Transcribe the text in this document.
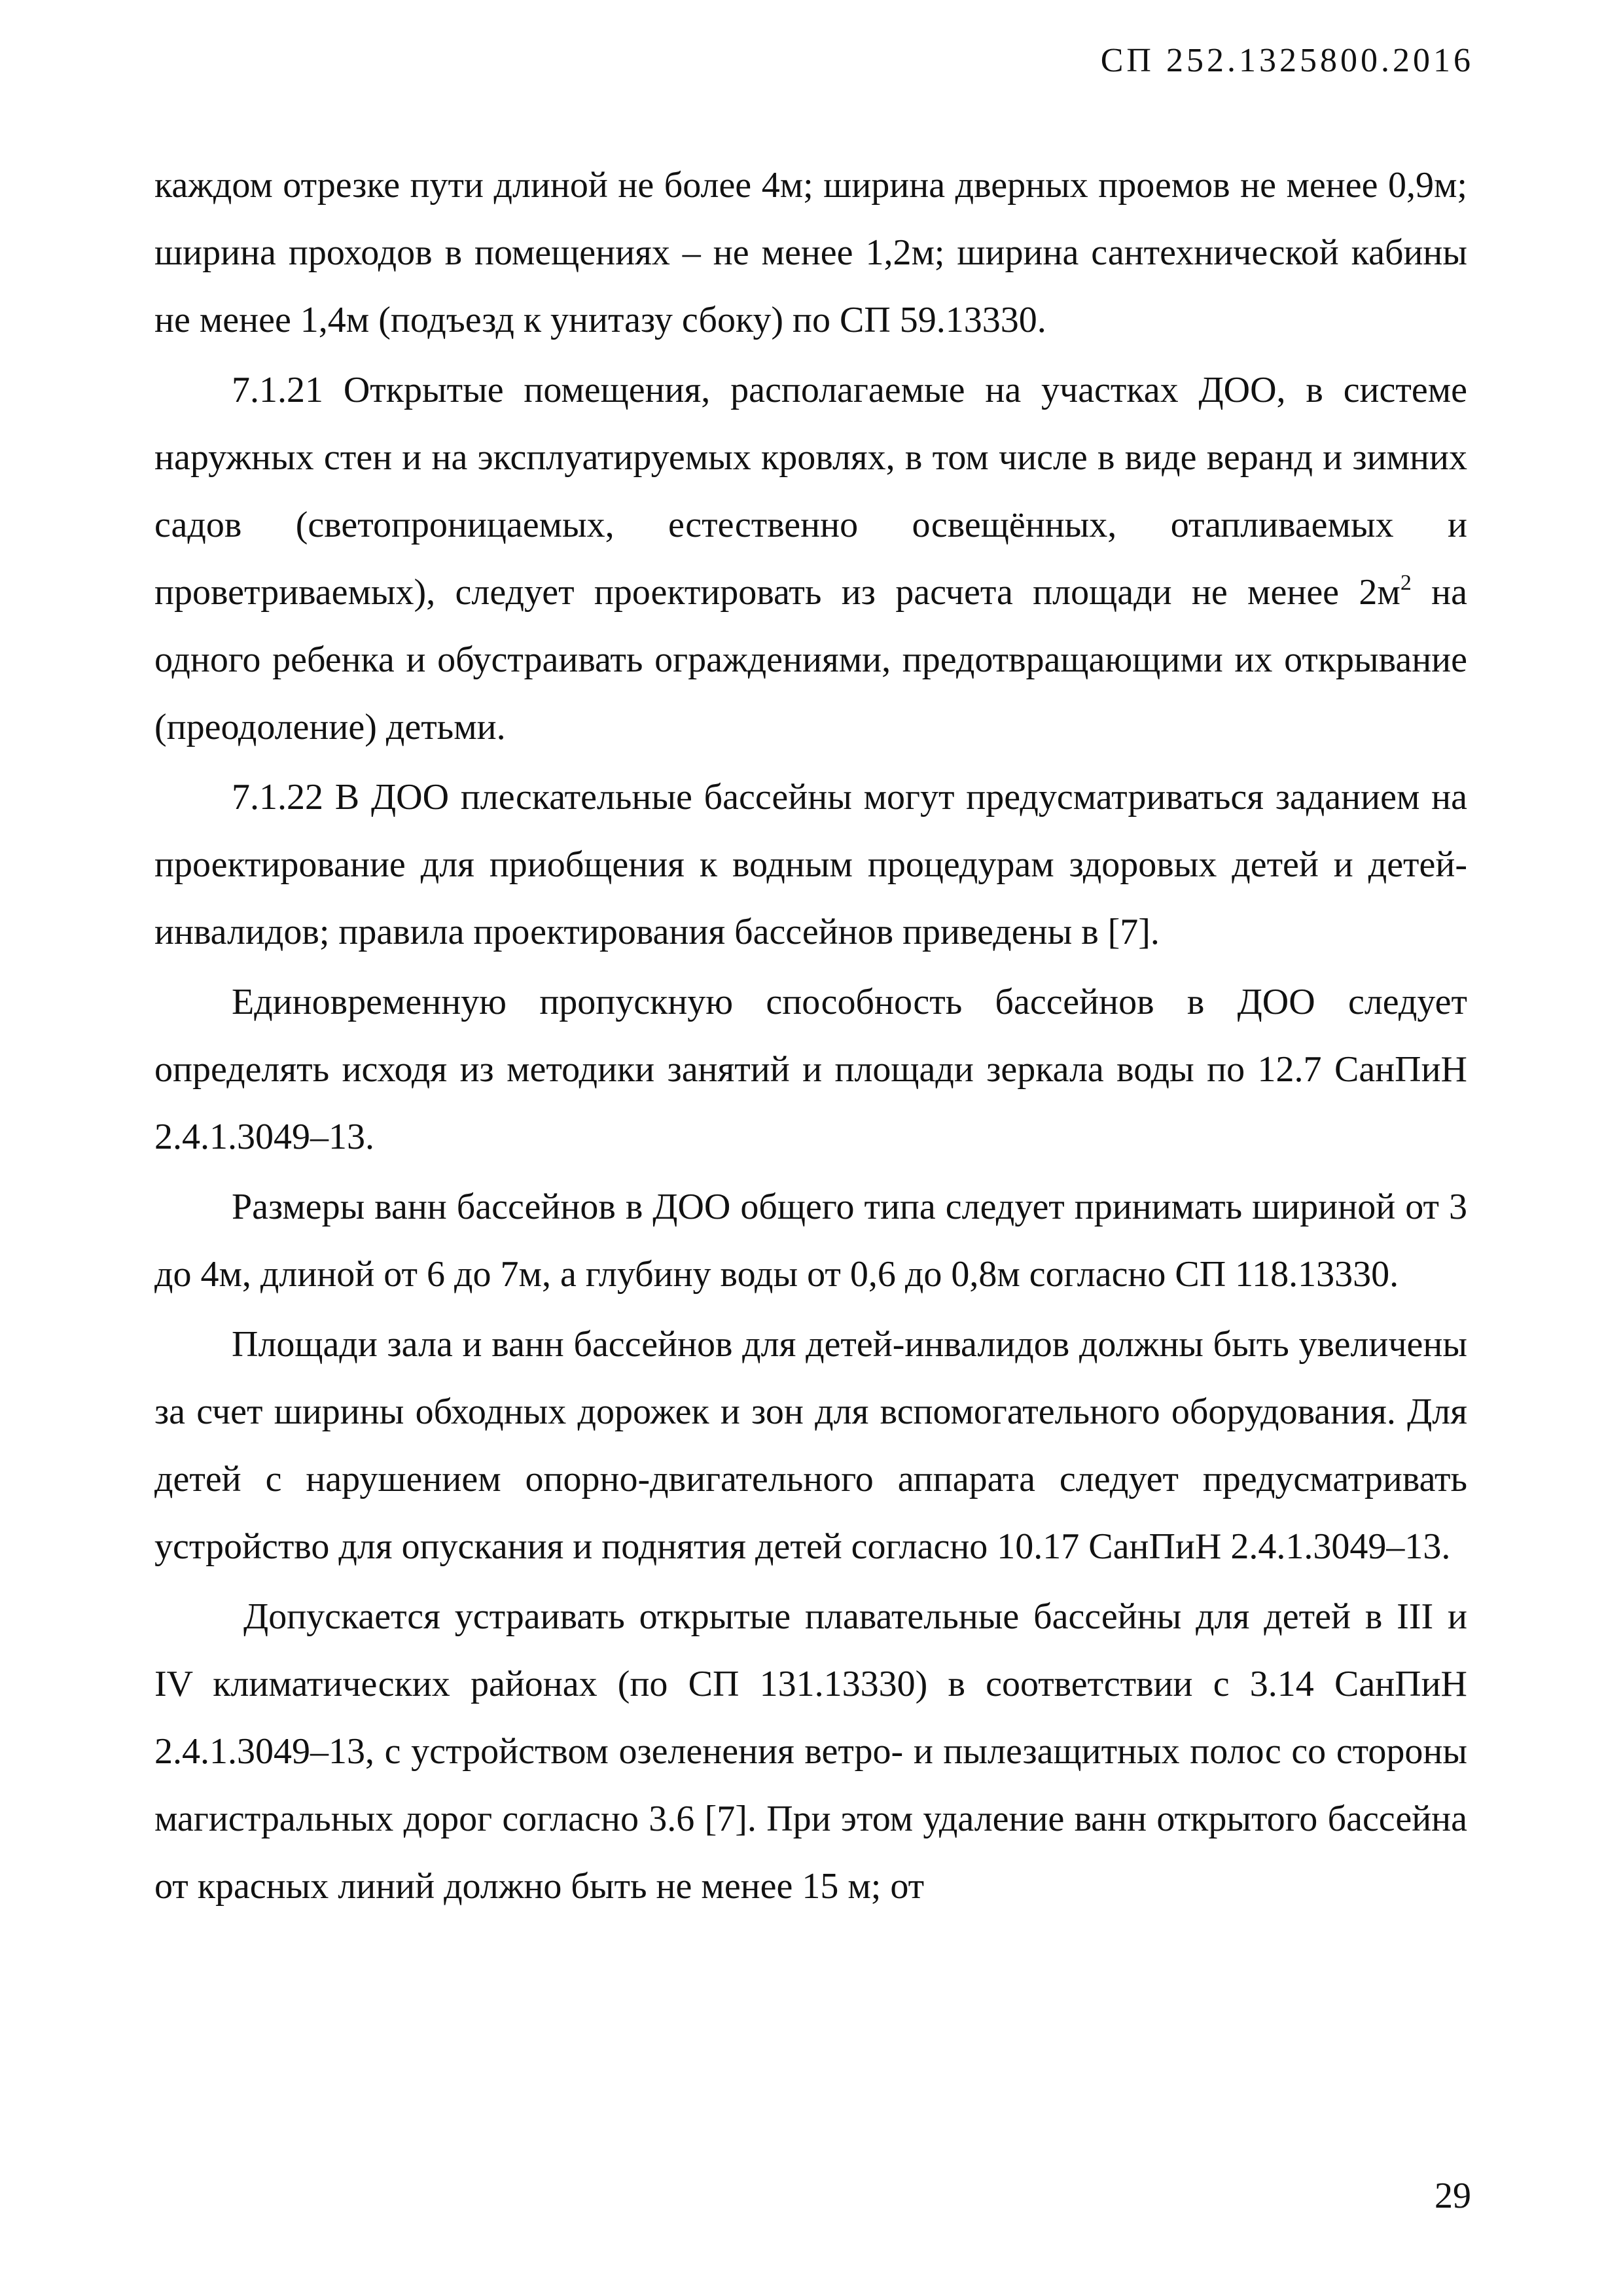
СП 252.1325800.2016

каждом отрезке пути длиной не более 4м; ширина дверных проемов не менее 0,9м; ширина проходов в помещениях – не менее 1,2м; ширина сантехнической кабины не менее 1,4м (подъезд к унитазу сбоку) по СП 59.13330.

7.1.21 Открытые помещения, располагаемые на участках ДОО, в системе наружных стен и на эксплуатируемых кровлях, в том числе в виде веранд и зимних садов (светопроницаемых, естественно освещённых, отапливаемых и проветриваемых), следует проектировать из расчета площади не менее $2м^2$ на одного ребенка и обустраивать ограждениями, предотвращающими их открывание (преодоление) детьми.

7.1.22 В ДОО плескательные бассейны могут предусматриваться заданием на проектирование для приобщения к водным процедурам здоровых детей и детей-инвалидов; правила проектирования бассейнов приведены в [7].

Единовременную пропускную способность бассейнов в ДОО следует определять исходя из методики занятий и площади зеркала воды по 12.7 СанПиН 2.4.1.3049–13.

Размеры ванн бассейнов в ДОО общего типа следует принимать шириной от 3 до 4м, длиной от 6 до 7м, а глубину воды от 0,6 до 0,8м согласно СП 118.13330.

Площади зала и ванн бассейнов для детей-инвалидов должны быть увеличены за счет ширины обходных дорожек и зон для вспомогательного оборудования. Для детей с нарушением опорно-двигательного аппарата следует предусматривать устройство для опускания и поднятия детей согласно 10.17 СанПиН 2.4.1.3049–13.

Допускается устраивать открытые плавательные бассейны для детей в III и IV климатических районах (по СП 131.13330) в соответствии с 3.14 СанПиН 2.4.1.3049–13, с устройством озеленения ветро- и пылезащитных полос со стороны магистральных дорог согласно 3.6 [7]. При этом удаление ванн открытого бассейна от красных линий должно быть не менее 15 м; от

29
